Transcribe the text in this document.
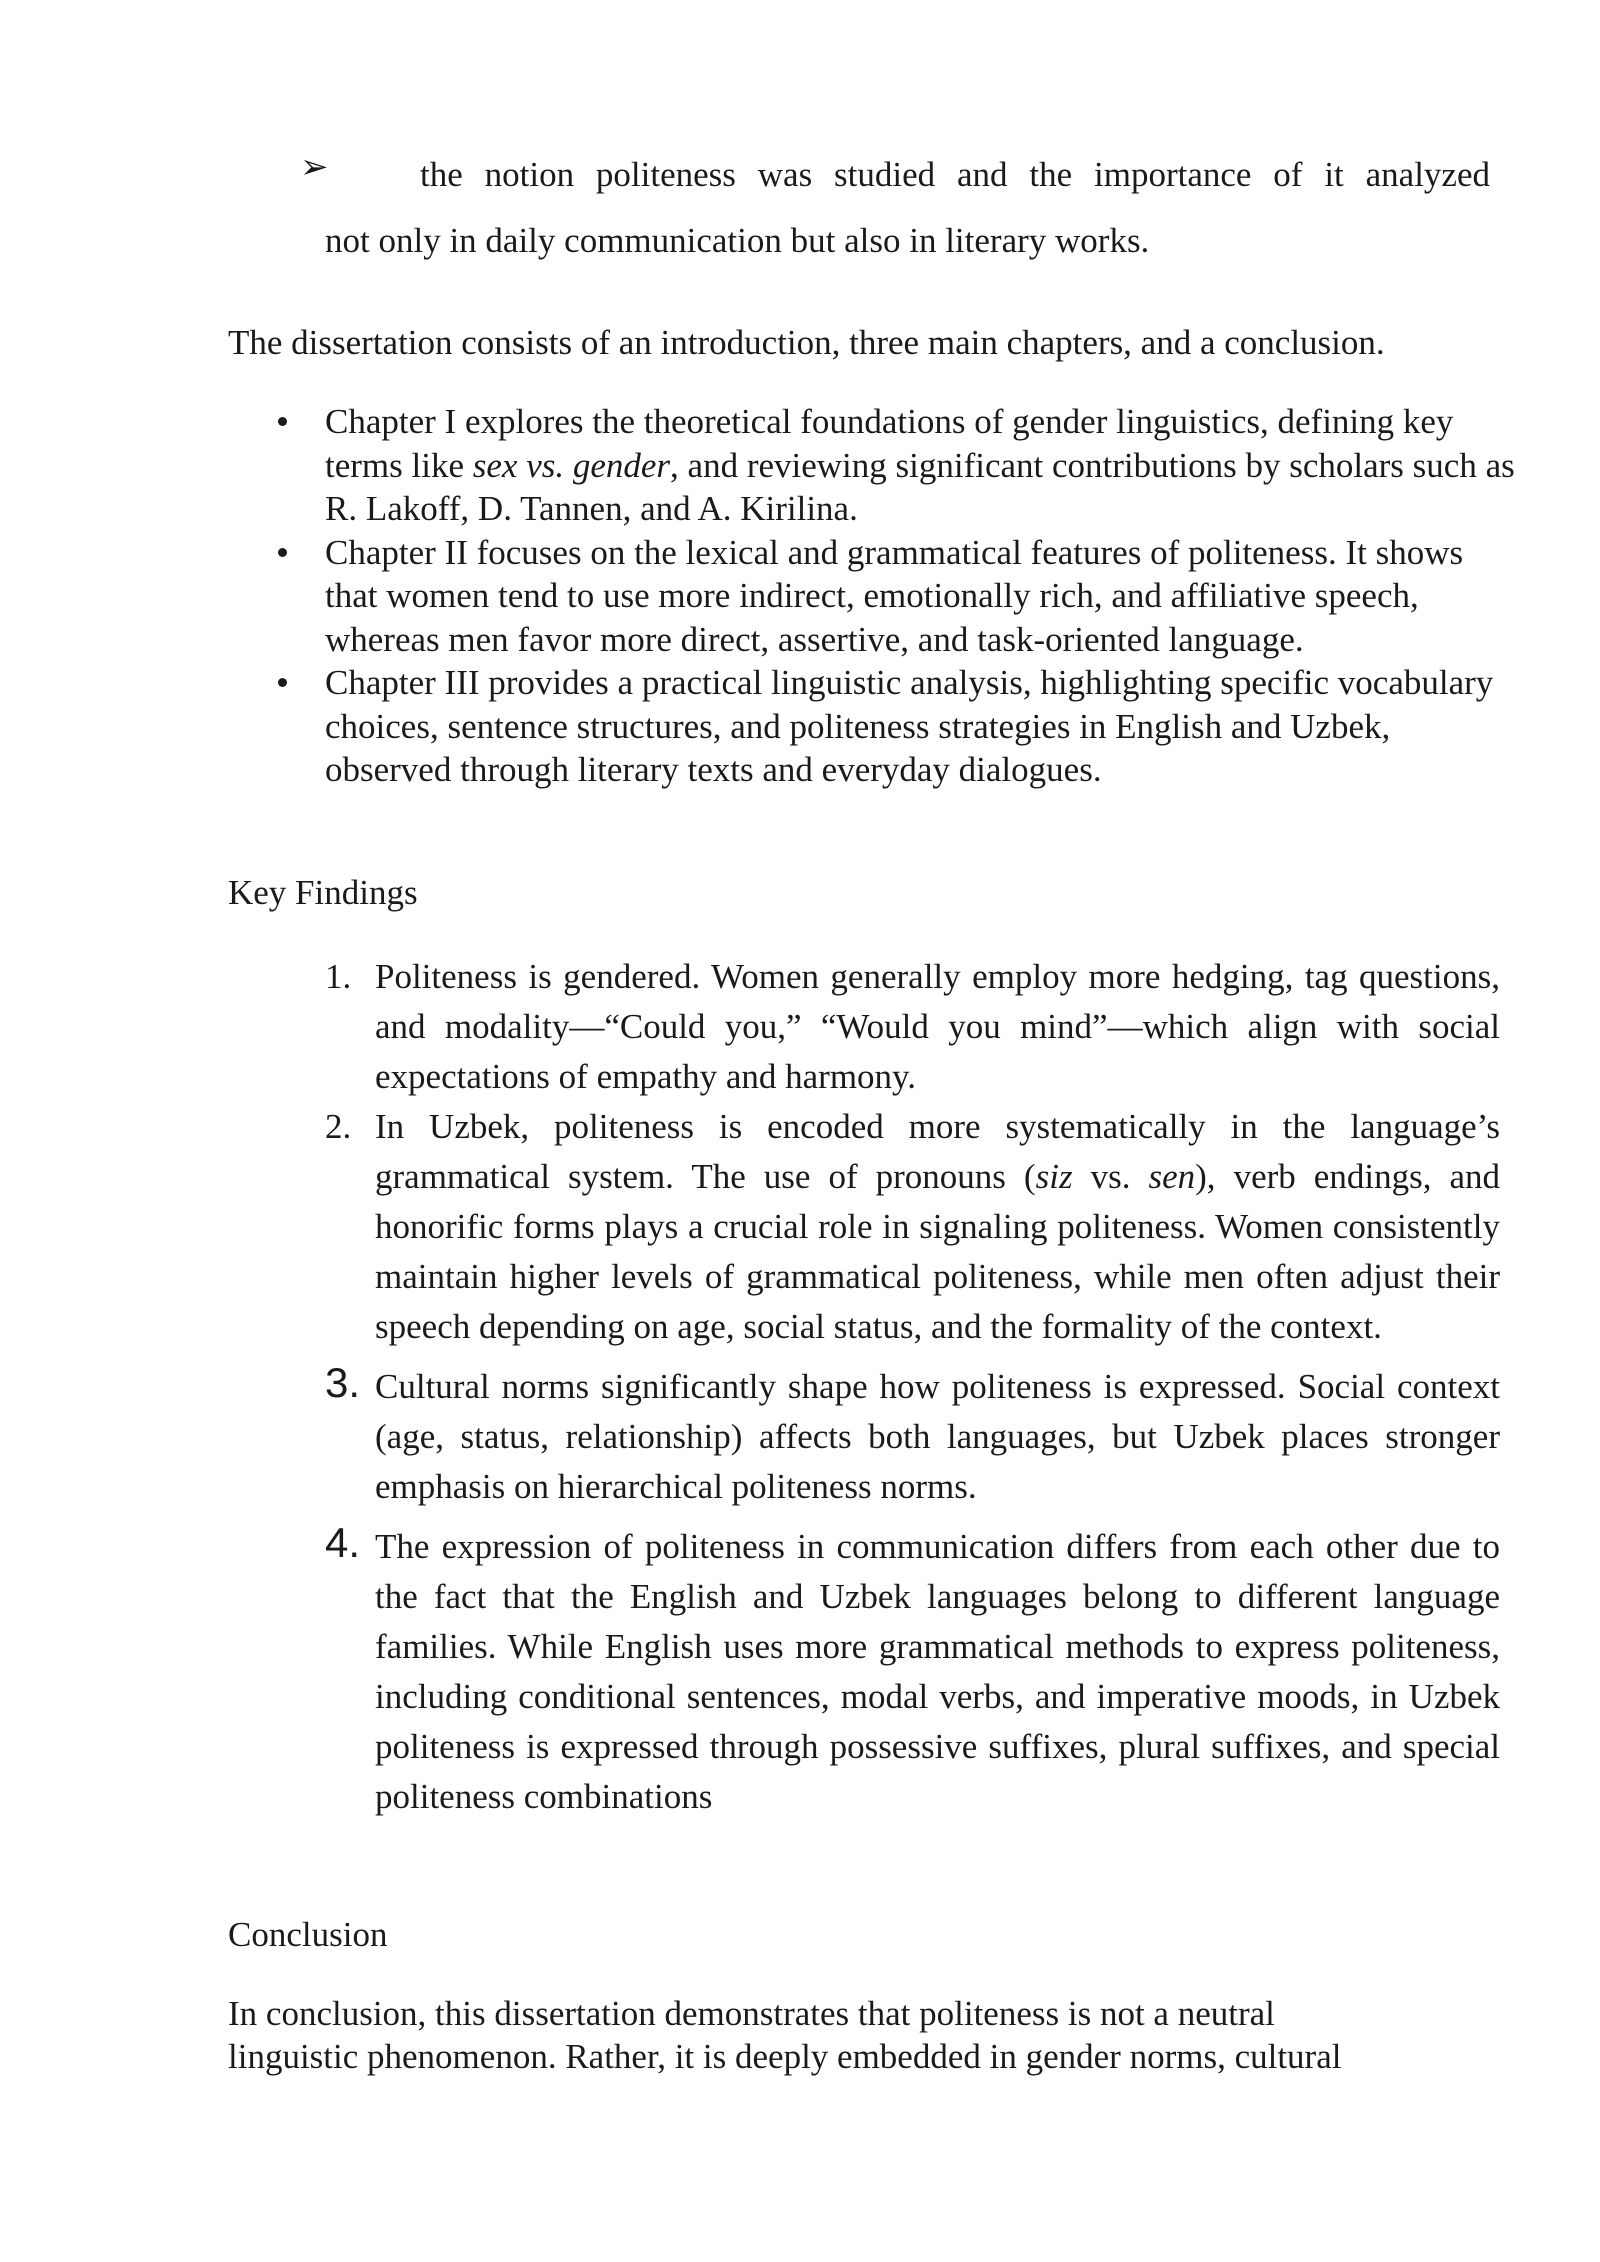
➢	the notion politeness was studied and the importance of it analyzed
not only in daily communication but also in literary works.

The dissertation consists of an introduction, three main chapters, and a conclusion.

Chapter I explores the theoretical foundations of gender linguistics, defining key terms like sex vs. gender, and reviewing significant contributions by scholars such as R. Lakoff, D. Tannen, and A. Kirilina.
Chapter II focuses on the lexical and grammatical features of politeness. It shows that women tend to use more indirect, emotionally rich, and affiliative speech, whereas men favor more direct, assertive, and task-oriented language.
Chapter III provides a practical linguistic analysis, highlighting specific vocabulary choices, sentence structures, and politeness strategies in English and Uzbek, observed through literary texts and everyday dialogues.

Key Findings

1. Politeness is gendered. Women generally employ more hedging, tag questions, and modality—“Could you,” “Would you mind”—which align with social expectations of empathy and harmony.
2. In Uzbek, politeness is encoded more systematically in the language’s grammatical system. The use of pronouns (siz vs. sen), verb endings, and honorific forms plays a crucial role in signaling politeness. Women consistently maintain higher levels of grammatical politeness, while men often adjust their speech depending on age, social status, and the formality of the context.
3. Cultural norms significantly shape how politeness is expressed. Social context (age, status, relationship) affects both languages, but Uzbek places stronger emphasis on hierarchical politeness norms.
4. The expression of politeness in communication differs from each other due to the fact that the English and Uzbek languages belong to different language families. While English uses more grammatical methods to express politeness, including conditional sentences, modal verbs, and imperative moods, in Uzbek politeness is expressed through possessive suffixes, plural suffixes, and special politeness combinations

Conclusion

In conclusion, this dissertation demonstrates that politeness is not a neutral
linguistic phenomenon. Rather, it is deeply embedded in gender norms, cultural
